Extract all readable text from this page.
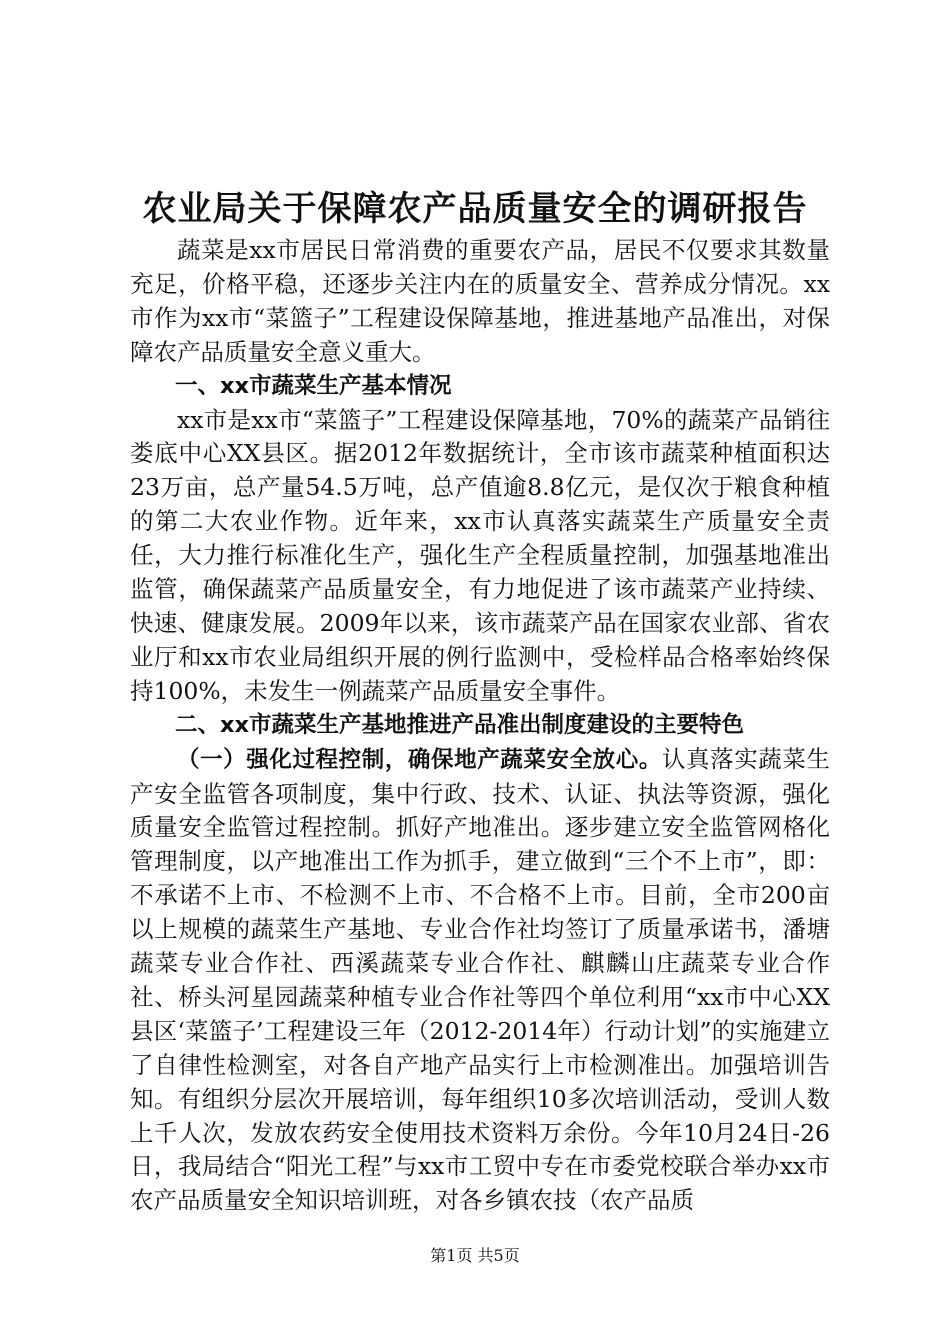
农业局关于保障农产品质量安全的调研报告

蔬菜是xx市居民日常消费的重要农产品，居民不仅要求其数量充足，价格平稳，还逐步关注内在的质量安全、营养成分情况。xx市作为xx市“菜篮子”工程建设保障基地，推进基地产品准出，对保障农产品质量安全意义重大。

一、xx市蔬菜生产基本情况

xx市是xx市“菜篮子”工程建设保障基地，70%的蔬菜产品销往娄底中心XX县区。据2012年数据统计，全市该市蔬菜种植面积达23万亩，总产量54.5万吨，总产值逾8.8亿元，是仅次于粮食种植的第二大农业作物。近年来，xx市认真落实蔬菜生产质量安全责任，大力推行标准化生产，强化生产全程质量控制，加强基地准出监管，确保蔬菜产品质量安全，有力地促进了该市蔬菜产业持续、快速、健康发展。2009年以来，该市蔬菜产品在国家农业部、省农业厅和xx市农业局组织开展的例行监测中，受检样品合格率始终保持100%，未发生一例蔬菜产品质量安全事件。

二、xx市蔬菜生产基地推进产品准出制度建设的主要特色

（一）强化过程控制，确保地产蔬菜安全放心。认真落实蔬菜生产安全监管各项制度，集中行政、技术、认证、执法等资源，强化质量安全监管过程控制。抓好产地准出。逐步建立安全监管网格化管理制度，以产地准出工作为抓手，建立做到“三个不上市”，即：不承诺不上市、不检测不上市、不合格不上市。目前，全市200亩以上规模的蔬菜生产基地、专业合作社均签订了质量承诺书，潘塘蔬菜专业合作社、西溪蔬菜专业合作社、麒麟山庄蔬菜专业合作社、桥头河星园蔬菜种植专业合作社等四个单位利用“xx市中心XX县区‘菜篮子’工程建设三年（2012-2014年）行动计划”的实施建立了自律性检测室，对各自产地产品实行上市检测准出。加强培训告知。有组织分层次开展培训，每年组织10多次培训活动，受训人数上千人次，发放农药安全使用技术资料万余份。今年10月24日-26日，我局结合“阳光工程”与xx市工贸中专在市委党校联合举办xx市农产品质量安全知识培训班，对各乡镇农技（农产品质

第1页 共5页
